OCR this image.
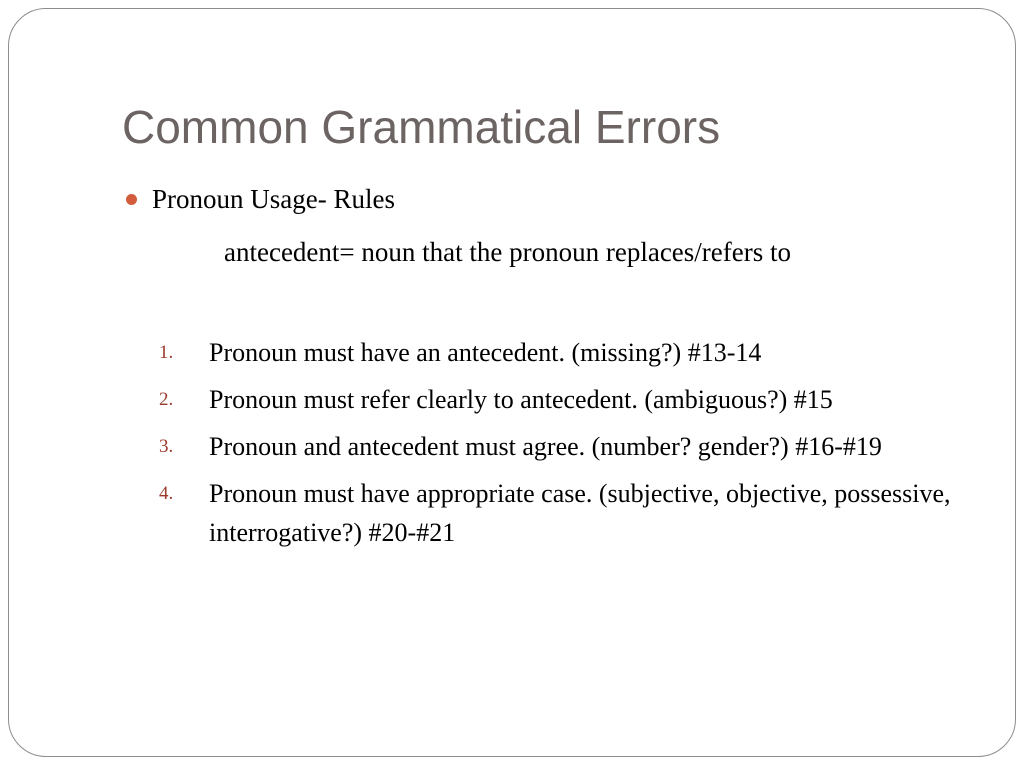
Common Grammatical Errors
Pronoun Usage- Rules
antecedent= noun that the pronoun replaces/refers to
1. Pronoun must have an antecedent. (missing?) #13-14
2. Pronoun must refer clearly to antecedent. (ambiguous?) #15
3. Pronoun and antecedent must agree. (number? gender?) #16-#19
4. Pronoun must have appropriate case. (subjective, objective, possessive, interrogative?) #20-#21
